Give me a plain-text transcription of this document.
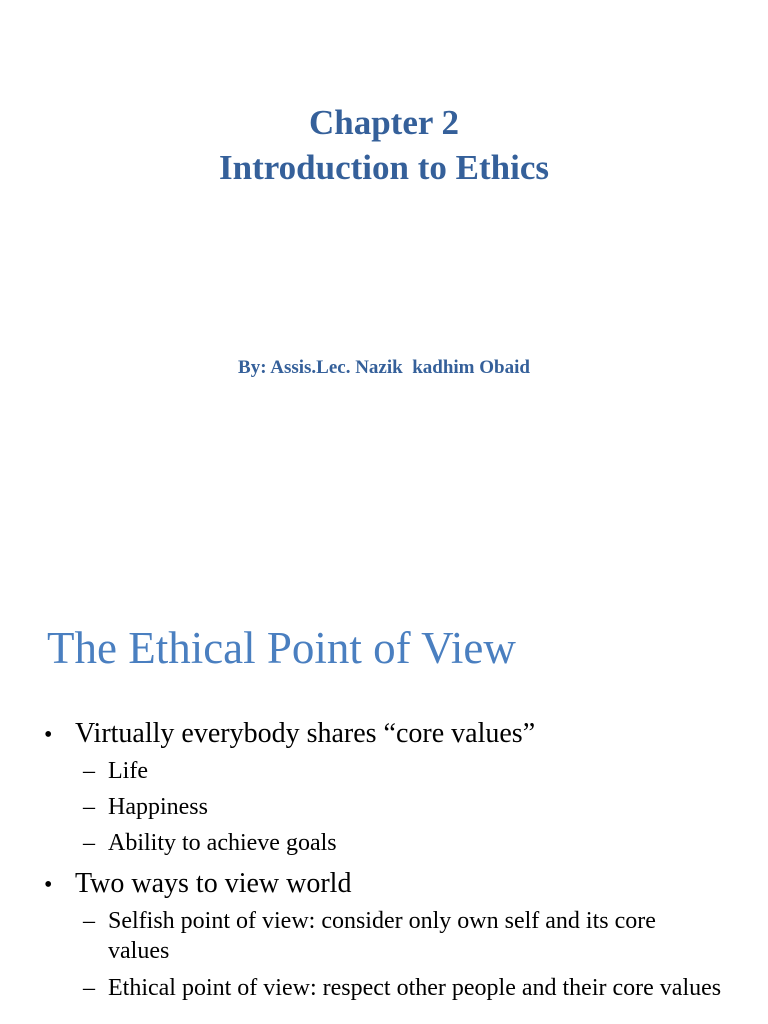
Chapter 2
Introduction to Ethics
By: Assis.Lec. Nazik  kadhim Obaid
The Ethical Point of View
• Virtually everybody shares “core values”
– Life
– Happiness
– Ability to achieve goals
• Two ways to view world
– Selfish point of view: consider only own self and its core values
– Ethical point of view: respect other people and their core values
